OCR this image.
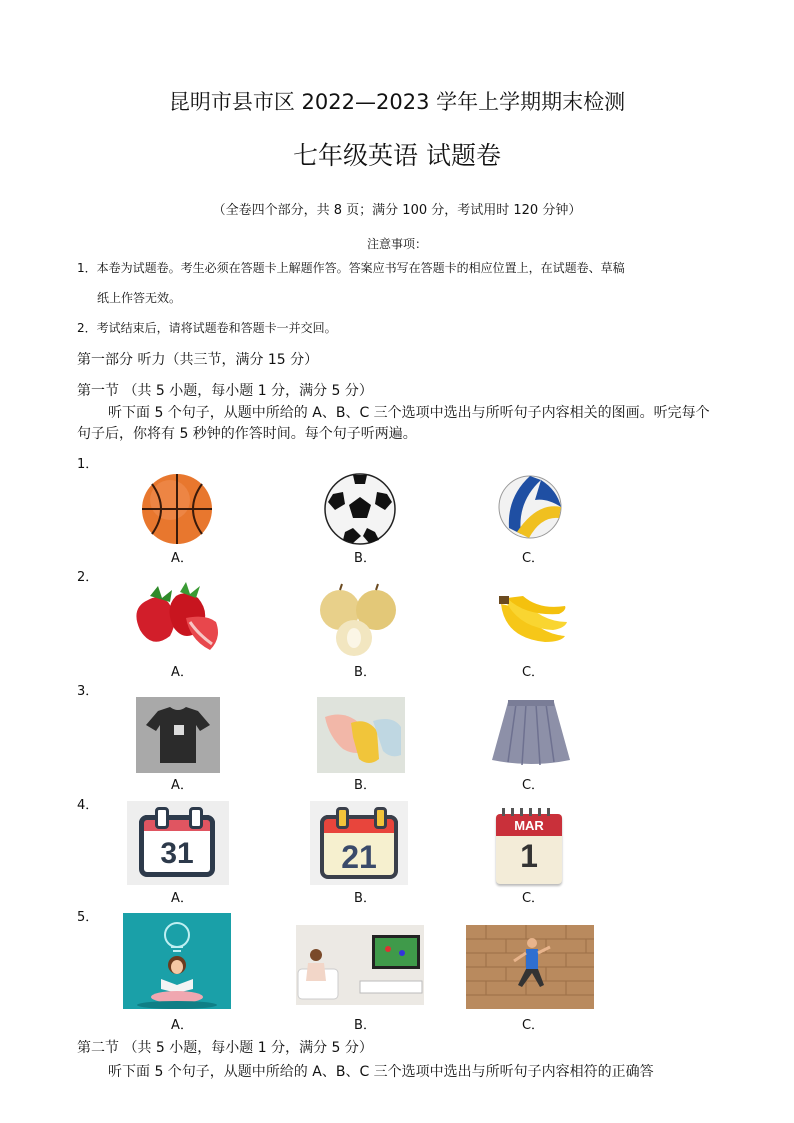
昆明市县市区 2022—2023 学年上学期期末检测
七年级英语 试题卷
（全卷四个部分，共 8 页；满分 100 分，考试用时 120 分钟）
注意事项：
1．本卷为试题卷。考生必须在答题卡上解题作答。答案应书写在答题卡的相应位置上，在试题卷、草稿
纸上作答无效。
2．考试结束后，请将试题卷和答题卡一并交回。
第一部分 听力（共三节，满分 15 分）
第一节 （共 5 小题，每小题 1 分，满分 5 分）
听下面 5 个句子，从题中所给的 A、B、C 三个选项中选出与所听句子内容相关的图画。听完每个句子后，你将有 5 秒钟的作答时间。每个句子听两遍。
1．
A．	B．	C．
2．
A．	B．	C．
3．
A．	B．	C．
4．
31	21
MAR
1
A．	B．	C．
5．
A．	B．	C．
第二节 （共 5 小题，每小题 1 分，满分 5 分）
听下面 5 个句子，从题中所给的 A、B、C 三个选项中选出与所听句子内容相符的正确答
